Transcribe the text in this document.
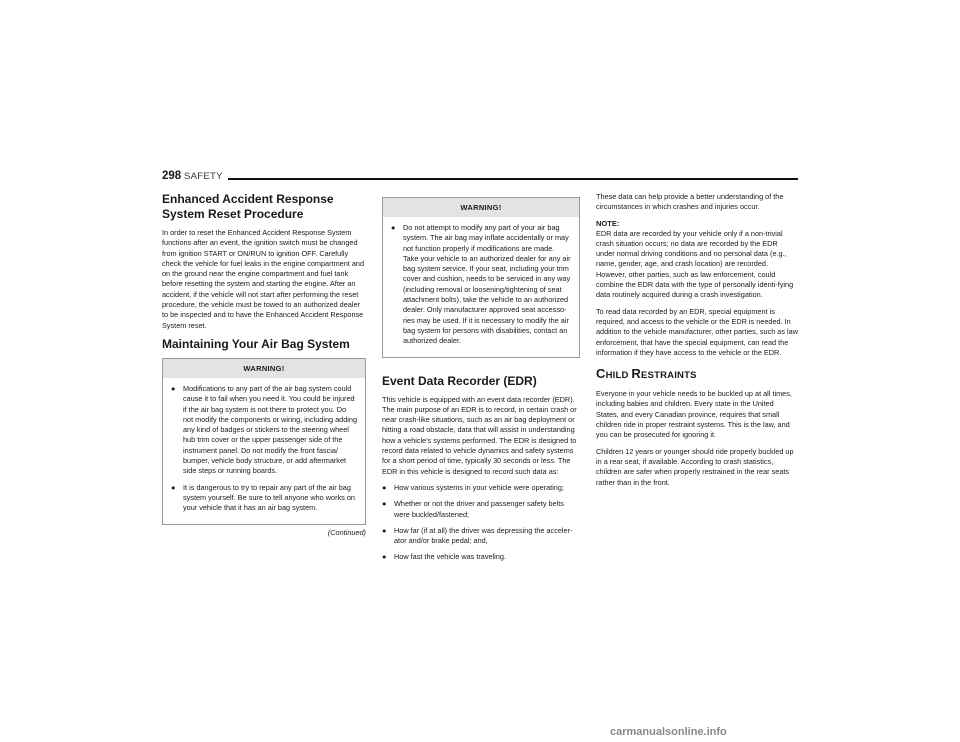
298 SAFETY
Enhanced Accident Response System Reset Procedure

In order to reset the Enhanced Accident Response System functions after an event, the ignition switch must be changed from ignition START or ON/RUN to ignition OFF. Carefully check the vehicle for fuel leaks in the engine compartment and on the ground near the engine compartment and fuel tank before resetting the system and starting the engine. After an accident, if the vehicle will not start after performing the reset procedure, the vehicle must be towed to an authorized dealer to be inspected and to have the Enhanced Accident Response System reset.

Maintaining Your Air Bag System
WARNING!
● Modifications to any part of the air bag system could cause it to fail when you need it. You could be injured if the air bag system is not there to protect you. Do not modify the components or wiring, including adding any kind of badges or stickers to the steering wheel hub trim cover or the upper passenger side of the instrument panel. Do not modify the front fascia/ bumper, vehicle body structure, or add aftermarket side steps or running boards.
● It is dangerous to try to repair any part of the air bag system yourself. Be sure to tell anyone who works on your vehicle that it has an air bag system.
(Continued)
WARNING!
● Do not attempt to modify any part of your air bag system. The air bag may inflate accidentally or may not function properly if modifications are made. Take your vehicle to an authorized dealer for any air bag system service. If your seat, including your trim cover and cushion, needs to be serviced in any way (including removal or loosening/tightening of seat attachment bolts), take the vehicle to an authorized dealer. Only manufacturer approved seat accesso-ries may be used. If it is necessary to modify the air bag system for persons with disabilities, contact an authorized dealer.
Event Data Recorder (EDR)

This vehicle is equipped with an event data recorder (EDR). The main purpose of an EDR is to record, in certain crash or near crash-like situations, such as an air bag deployment or hitting a road obstacle, data that will assist in understanding how a vehicle's systems performed. The EDR is designed to record data related to vehicle dynamics and safety systems for a short period of time, typically 30 seconds or less. The EDR in this vehicle is designed to record such data as:

● How various systems in your vehicle were operating;
● Whether or not the driver and passenger safety belts were buckled/fastened;
● How far (if at all) the driver was depressing the acceler-ator and/or brake pedal; and,
● How fast the vehicle was traveling.

These data can help provide a better understanding of the circumstances in which crashes and injuries occur.

NOTE:

EDR data are recorded by your vehicle only if a non-trivial crash situation occurs; no data are recorded by the EDR under normal driving conditions and no personal data (e.g., name, gender, age, and crash location) are recorded. However, other parties, such as law enforcement, could combine the EDR data with the type of personally identi-fying data routinely acquired during a crash investigation.

To read data recorded by an EDR, special equipment is required, and access to the vehicle or the EDR is needed. In addition to the vehicle manufacturer, other parties, such as law enforcement, that have the special equipment, can read the information if they have access to the vehicle or the EDR.

CHILD RESTRAINTS

Everyone in your vehicle needs to be buckled up at all times, including babies and children. Every state in the United States, and every Canadian province, requires that small children ride in proper restraint systems. This is the law, and you can be prosecuted for ignoring it.

Children 12 years or younger should ride properly buckled up in a rear seat, if available. According to crash statistics, children are safer when properly restrained in the rear seats rather than in the front.

carmanualsonline.info
